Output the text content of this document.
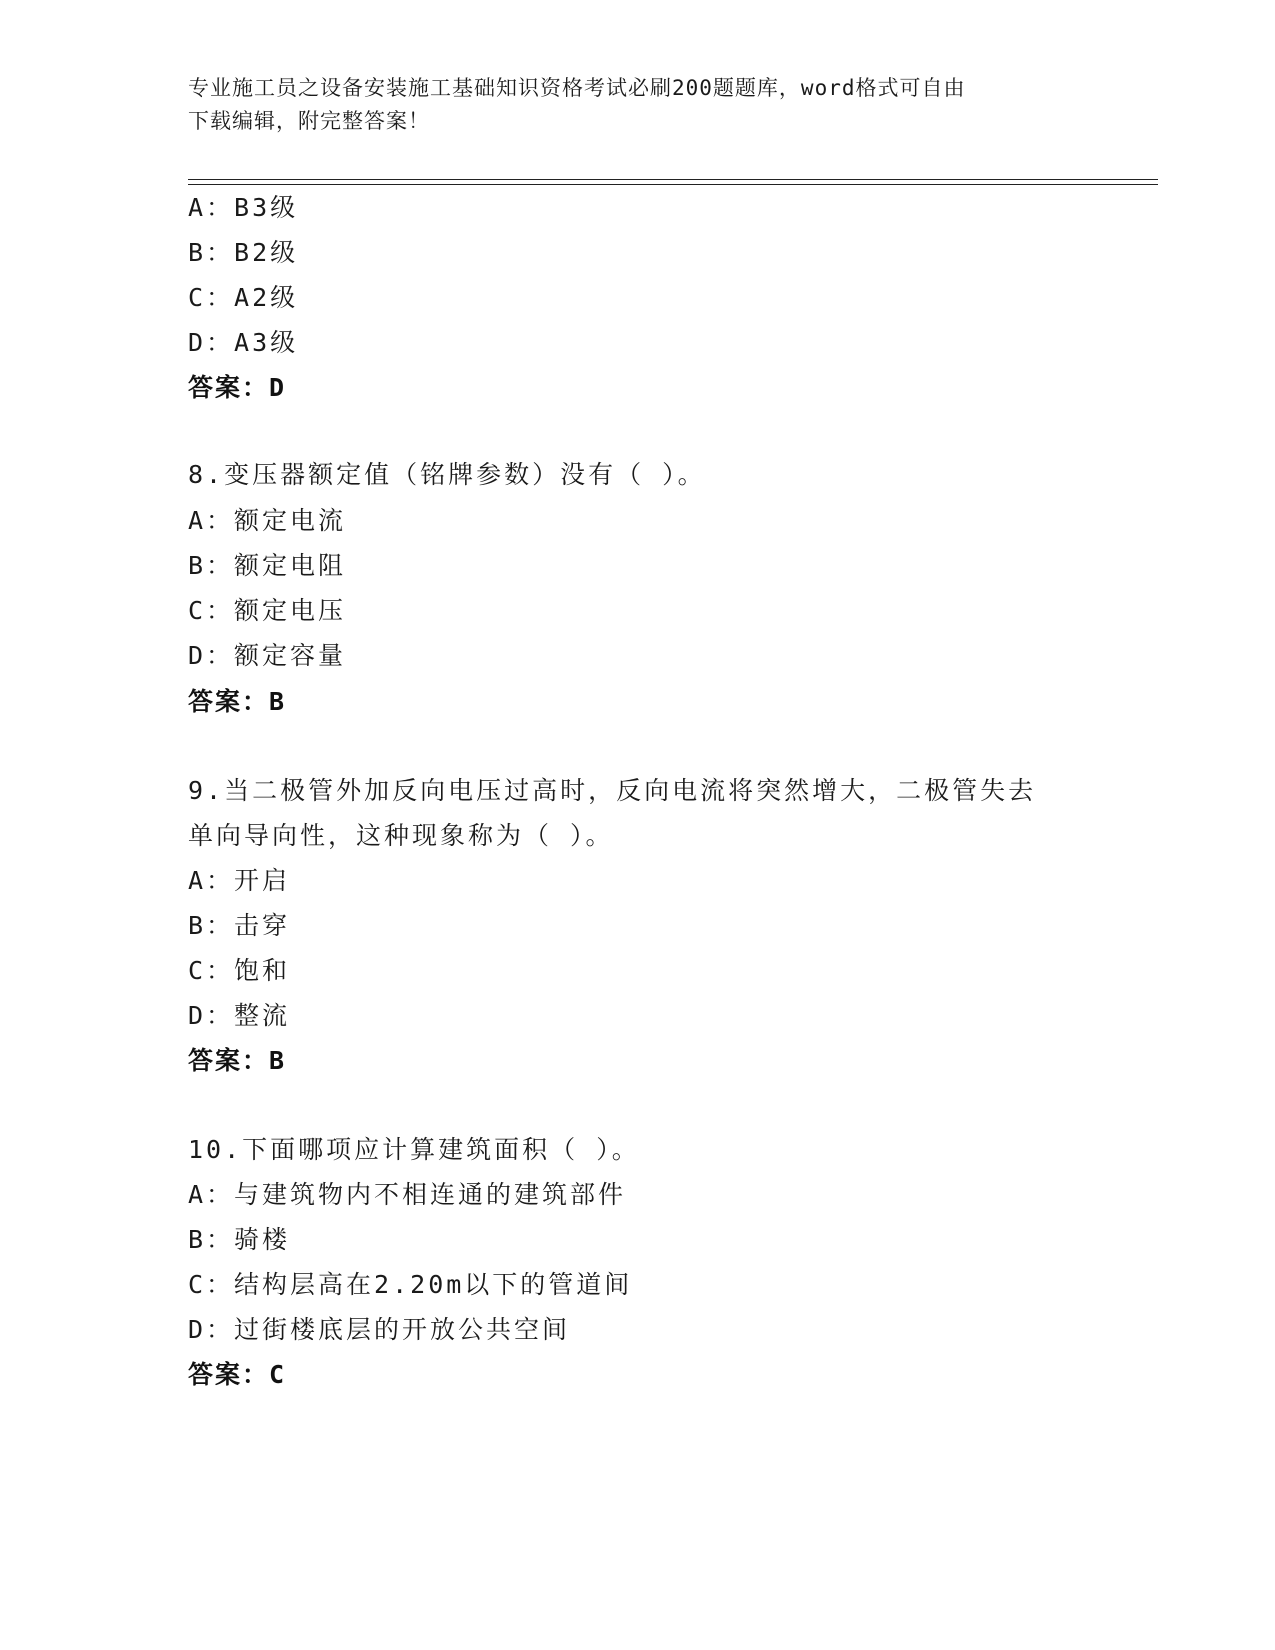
专业施工员之设备安装施工基础知识资格考试必刷200题题库，word格式可自由
下载编辑，附完整答案！
A：B3级
B：B2级
C：A2级
D：A3级
答案：D
8.变压器额定值（铭牌参数）没有（ ）。
A：额定电流
B：额定电阻
C：额定电压
D：额定容量
答案：B
9.当二极管外加反向电压过高时，反向电流将突然增大，二极管失去
单向导向性，这种现象称为（ ）。
A：开启
B：击穿
C：饱和
D：整流
答案：B
10.下面哪项应计算建筑面积（ ）。
A：与建筑物内不相连通的建筑部件
B：骑楼
C：结构层高在2.20m以下的管道间
D：过街楼底层的开放公共空间
答案：C
